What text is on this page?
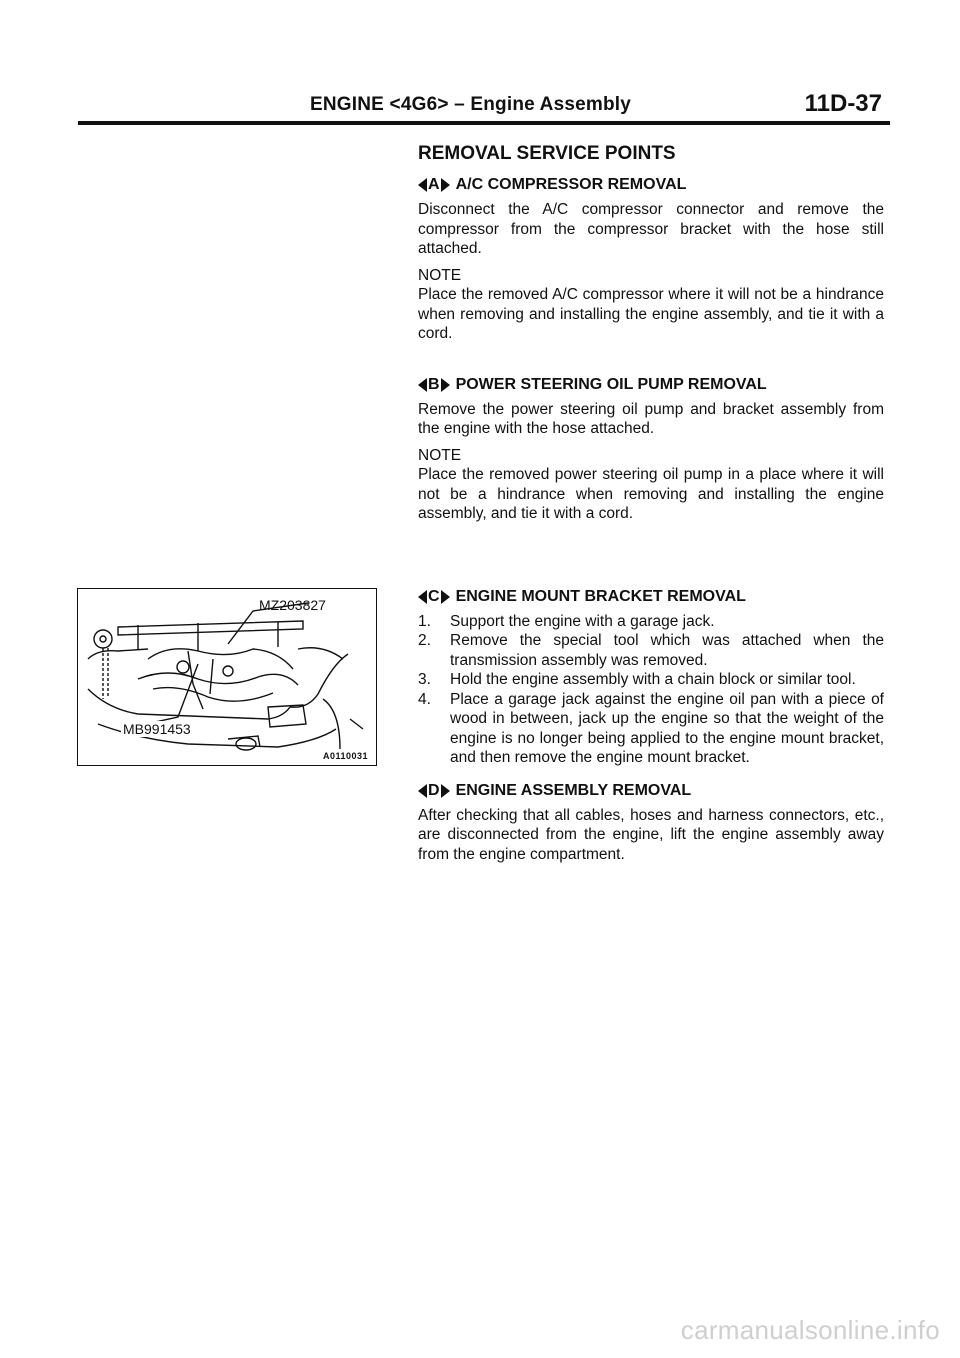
ENGINE <4G6> – Engine Assembly	11D-37
REMOVAL SERVICE POINTS
A A/C COMPRESSOR REMOVAL

Disconnect the A/C compressor connector and remove the compressor from the compressor bracket with the hose still attached.

NOTE

Place the removed A/C compressor where it will not be a hindrance when removing and installing the engine assembly, and tie it with a cord.

B POWER STEERING OIL PUMP REMOVAL

Remove the power steering oil pump and bracket assembly from the engine with the hose attached.

NOTE

Place the removed power steering oil pump in a place where it will not be a hindrance when removing and installing the engine assembly, and tie it with a cord.

C ENGINE MOUNT BRACKET REMOVAL
1.	Support the engine with a garage jack.
2.	Remove the special tool which was attached when the transmission assembly was removed.
3.	Hold the engine assembly with a chain block or similar tool.
4.	Place a garage jack against the engine oil pan with a piece of wood in between, jack up the engine so that the weight of the engine is no longer being applied to the engine mount bracket, and then remove the engine mount bracket.
D ENGINE ASSEMBLY REMOVAL

After checking that all cables, hoses and harness connectors, etc., are disconnected from the engine, lift the engine assembly away from the engine compartment.

MZ203827
MB991453
A0110031
carmanualsonline.info
